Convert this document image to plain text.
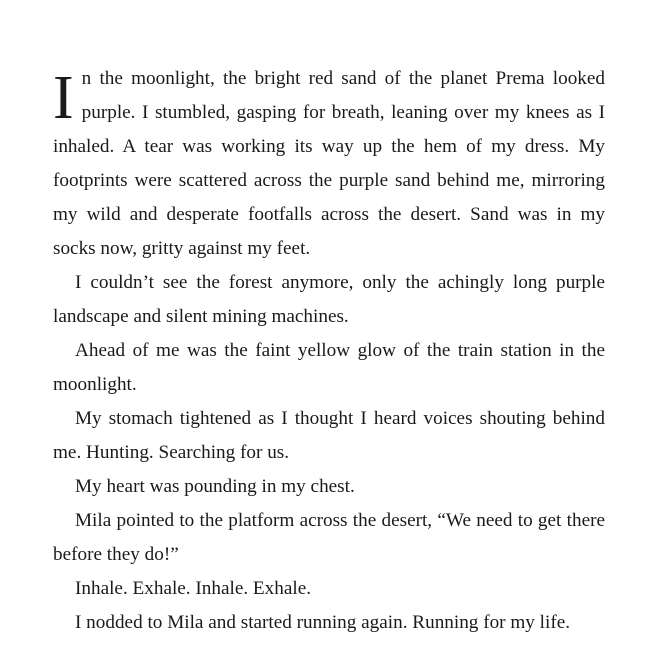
In the moonlight, the bright red sand of the planet Prema looked purple. I stumbled, gasping for breath, leaning over my knees as I inhaled. A tear was working its way up the hem of my dress. My footprints were scattered across the purple sand behind me, mirroring my wild and desperate footfalls across the desert. Sand was in my socks now, gritty against my feet.

I couldn’t see the forest anymore, only the achingly long purple landscape and silent mining machines.

Ahead of me was the faint yellow glow of the train station in the moonlight.

My stomach tightened as I thought I heard voices shouting behind me. Hunting. Searching for us.

My heart was pounding in my chest.

Mila pointed to the platform across the desert, “We need to get there before they do!”

Inhale. Exhale. Inhale. Exhale.

I nodded to Mila and started running again. Running for my life.
